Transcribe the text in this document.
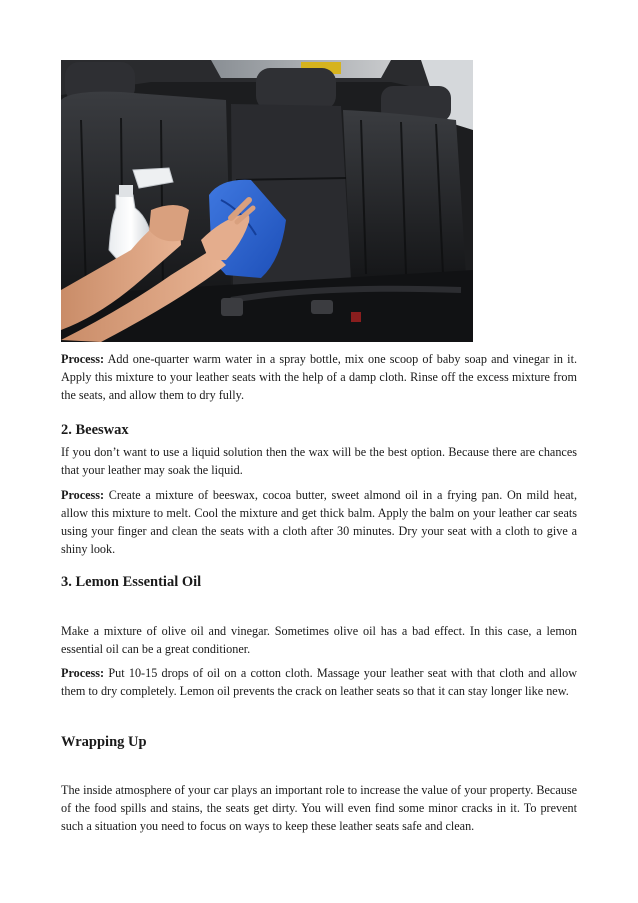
Process: Add one-quarter warm water in a spray bottle, mix one scoop of baby soap and vinegar in it. Apply this mixture to your leather seats with the help of a damp cloth. Rinse off the excess mixture from the seats, and allow them to dry fully.

2. Beeswax

If you don’t want to use a liquid solution then the wax will be the best option. Because there are chances that your leather may soak the liquid.

Process: Create a mixture of beeswax, cocoa butter, sweet almond oil in a frying pan. On mild heat, allow this mixture to melt. Cool the mixture and get thick balm. Apply the balm on your leather car seats using your finger and clean the seats with a cloth after 30 minutes. Dry your seat with a cloth to give a shiny look.

3. Lemon Essential Oil

Make a mixture of olive oil and vinegar. Sometimes olive oil has a bad effect. In this case, a lemon essential oil can be a great conditioner.

Process: Put 10-15 drops of oil on a cotton cloth. Massage your leather seat with that cloth and allow them to dry completely. Lemon oil prevents the crack on leather seats so that it can stay longer like new.

Wrapping Up

The inside atmosphere of your car plays an important role to increase the value of your property. Because of the food spills and stains, the seats get dirty. You will even find some minor cracks in it. To prevent such a situation you need to focus on ways to keep these leather seats safe and clean.
